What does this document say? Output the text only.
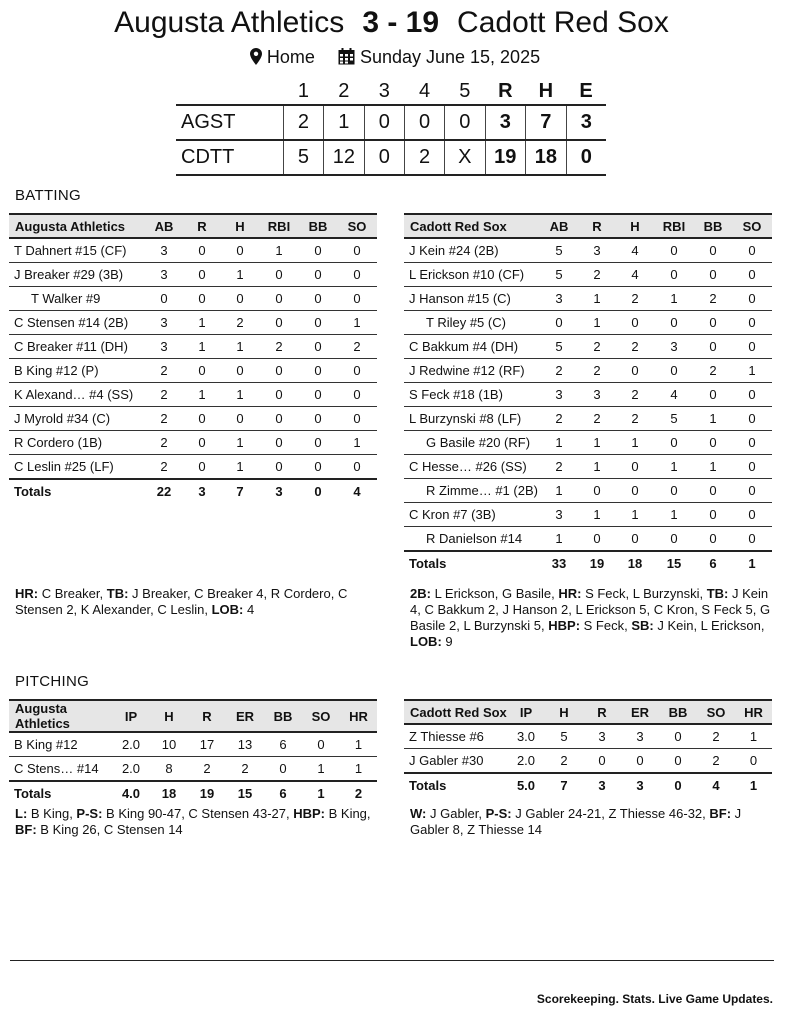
Augusta Athletics 3 - 19 Cadott Red Sox
Home	Sunday June 15, 2025
	1	2	3	4	5	R	H	E
AGST	2	1	0	0	0	3	7	3
CDTT	5	12	0	2	X	19	18	0
BATTING
Augusta Athletics	AB	R	H	RBI	BB	SO
T Dahnert #15 (CF)	3	0	0	1	0	0
J Breaker #29 (3B)	3	0	1	0	0	0
T Walker #9	0	0	0	0	0	0
C Stensen #14 (2B)	3	1	2	0	0	1
C Breaker #11 (DH)	3	1	1	2	0	2
B King #12 (P)	2	0	0	0	0	0
K Alexand… #4 (SS)	2	1	1	0	0	0
J Myrold #34 (C)	2	0	0	0	0	0
R Cordero (1B)	2	0	1	0	0	1
C Leslin #25 (LF)	2	0	1	0	0	0
Totals	22	3	7	3	0	4
Cadott Red Sox	AB	R	H	RBI	BB	SO
J Kein #24 (2B)	5	3	4	0	0	0
L Erickson #10 (CF)	5	2	4	0	0	0
J Hanson #15 (C)	3	1	2	1	2	0
T Riley #5 (C)	0	1	0	0	0	0
C Bakkum #4 (DH)	5	2	2	3	0	0
J Redwine #12 (RF)	2	2	0	0	2	1
S Feck #18 (1B)	3	3	2	4	0	0
L Burzynski #8 (LF)	2	2	2	5	1	0
G Basile #20 (RF)	1	1	1	0	0	0
C Hesse… #26 (SS)	2	1	0	1	1	0
R Zimme… #1 (2B)	1	0	0	0	0	0
C Kron #7 (3B)	3	1	1	1	0	0
R Danielson #14	1	0	0	0	0	0
Totals	33	19	18	15	6	1
HR: C Breaker, TB: J Breaker, C Breaker 4, R Cordero, C Stensen 2, K Alexander, C Leslin, LOB: 4
2B: L Erickson, G Basile, HR: S Feck, L Burzynski, TB: J Kein 4, C Bakkum 2, J Hanson 2, L Erickson 5, C Kron, S Feck 5, G Basile 2, L Burzynski 5, HBP: S Feck, SB: J Kein, L Erickson, LOB: 9
PITCHING
Augusta Athletics	IP	H	R	ER	BB	SO	HR
B King #12	2.0	10	17	13	6	0	1
C Stens… #14	2.0	8	2	2	0	1	1
Totals	4.0	18	19	15	6	1	2
Cadott Red Sox	IP	H	R	ER	BB	SO	HR
Z Thiesse #6	3.0	5	3	3	0	2	1
J Gabler #30	2.0	2	0	0	0	2	0
Totals	5.0	7	3	3	0	4	1
L: B King, P-S: B King 90-47, C Stensen 43-27, HBP: B King, BF: B King 26, C Stensen 14
W: J Gabler, P-S: J Gabler 24-21, Z Thiesse 46-32, BF: J Gabler 8, Z Thiesse 14
Scorekeeping. Stats. Live Game Updates.
